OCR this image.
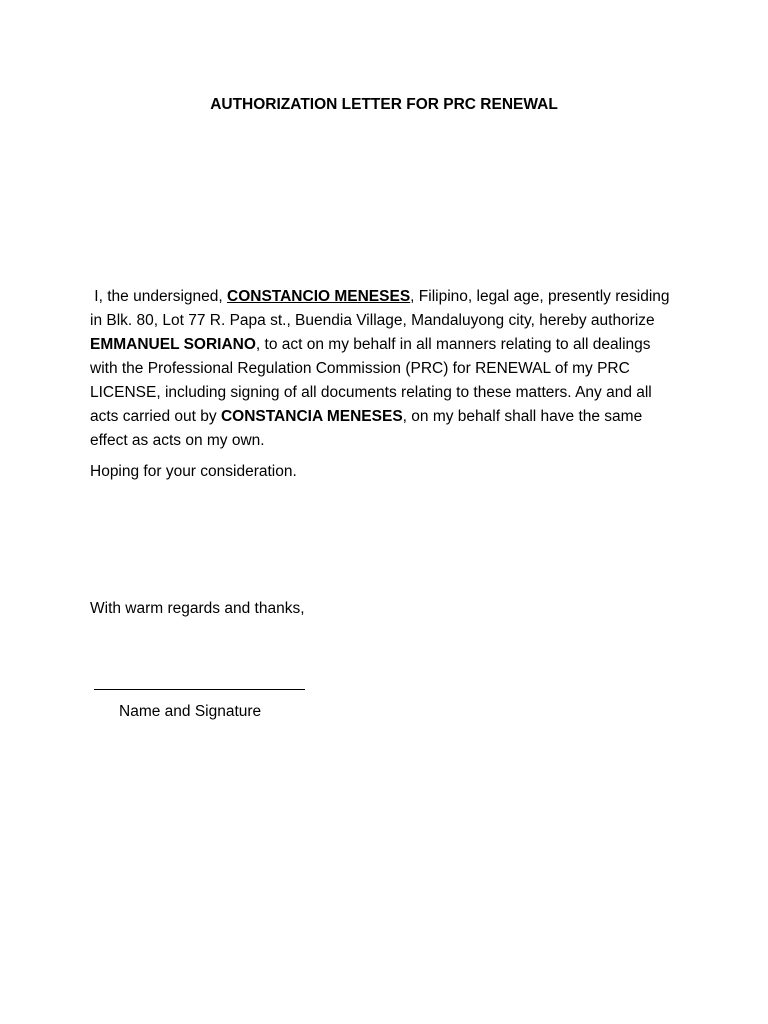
AUTHORIZATION LETTER FOR PRC RENEWAL
I, the undersigned, CONSTANCIO MENESES, Filipino, legal age, presently residing in Blk. 80, Lot 77 R. Papa st., Buendia Village, Mandaluyong city, hereby authorize EMMANUEL SORIANO, to act on my behalf in all manners relating to all dealings with the Professional Regulation Commission (PRC) for RENEWAL of my PRC LICENSE, including signing of all documents relating to these matters. Any and all acts carried out by CONSTANCIA MENESES, on my behalf shall have the same effect as acts on my own.
Hoping for your consideration.
With warm regards and thanks,
Name and Signature
